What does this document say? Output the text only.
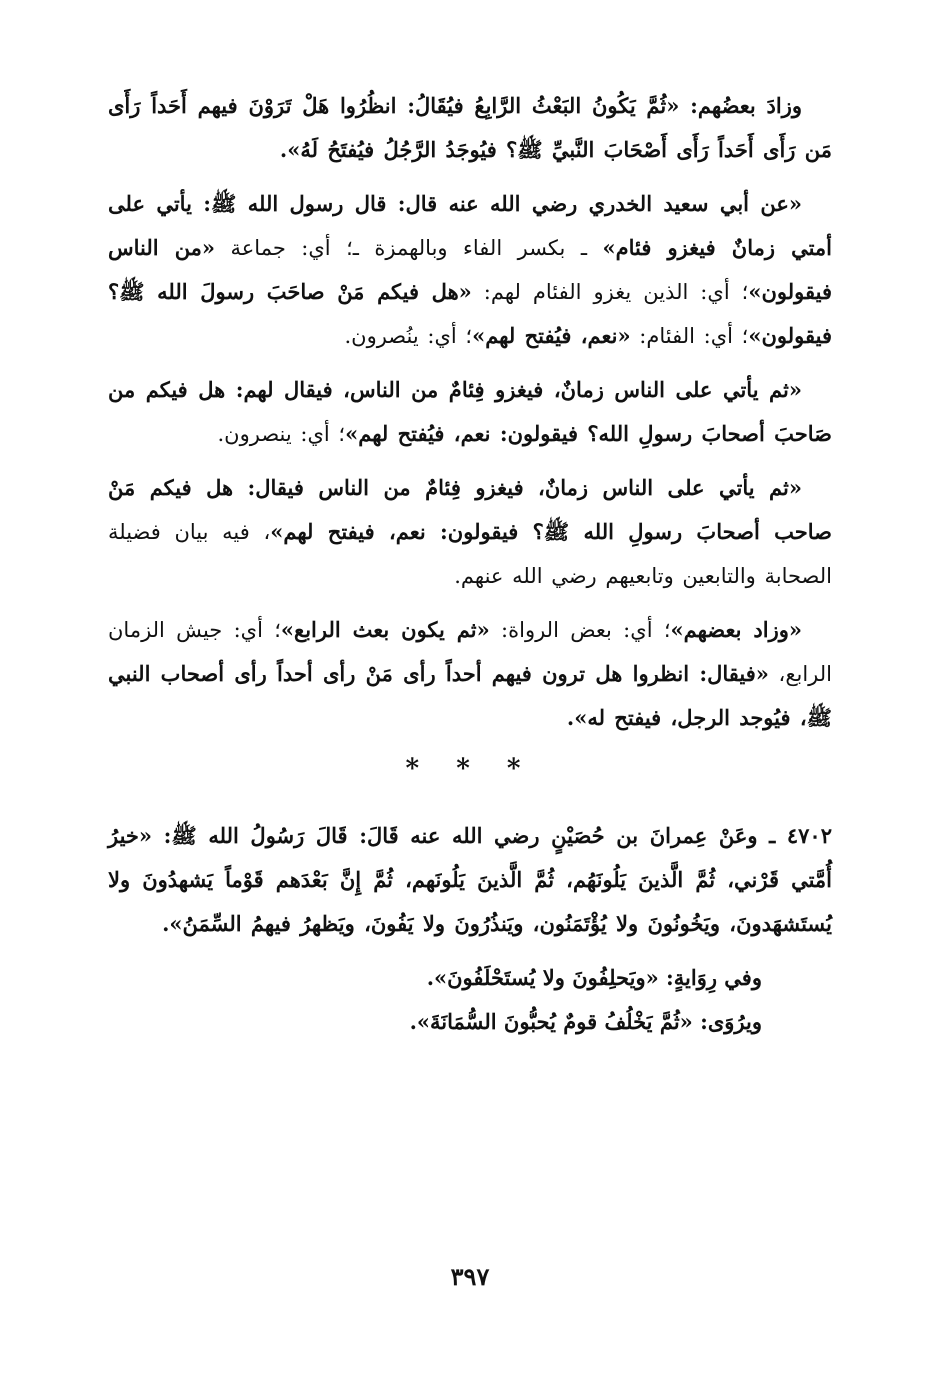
وزادَ بعضُهم: «ثُمَّ يَكُونُ البَعْثُ الرَّابِعُ فيُقَالُ: انظُرُوا هَلْ تَرَوْنَ فيهم أَحَداً رَأَى مَن رَأَى أَحَداً رَأَى أَصْحَابَ النَّبيِّ ﷺ؟ فيُوجَدُ الرَّجُلُ فيُفتَحُ لَهُ».

«عن أبي سعيد الخدري رضي الله عنه قال: قال رسول الله ﷺ: يأتي على أمتي زمانٌ فيغزو فئام» ـ بكسر الفاء وبالهمزة ـ؛ أي: جماعة «من الناس فيقولون»؛ أي: الذين يغزو الفئام لهم: «هل فيكم مَنْ صاحَبَ رسولَ الله ﷺ؟ فيقولون»؛ أي: الفئام: «نعم، فيُفتح لهم»؛ أي: ينُصرون.

«ثم يأتي على الناس زمانٌ، فيغزو فِئامٌ من الناس، فيقال لهم: هل فيكم من صَاحبَ أصحابَ رسولِ الله؟ فيقولون: نعم، فيُفتح لهم»؛ أي: ينصرون.

«ثم يأتي على الناس زمانٌ، فيغزو فِئامٌ من الناس فيقال: هل فيكم مَنْ صاحب أصحابَ رسولِ الله ﷺ؟ فيقولون: نعم، فيفتح لهم»، فيه بيان فضيلة الصحابة والتابعين وتابعيهم رضي الله عنهم.

«وزاد بعضهم»؛ أي: بعض الرواة: «ثم يكون بعث الرابع»؛ أي: جيش الزمان الرابع، «فيقال: انظروا هل ترون فيهم أحداً رأى مَنْ رأى أحداً رأى أصحاب النبي ﷺ، فيُوجد الرجل، فيفتح له».

* * *

٤٧٠٢ ـ وعَنْ عِمرانَ بن حُصَيْنٍ رضي الله عنه قَالَ: قَالَ رَسُولُ الله ﷺ: «خيرُ أُمَّتي قَرْني، ثُمَّ الَّذينَ يَلُونَهُم، ثُمَّ الَّذينَ يَلُونَهم، ثُمَّ إِنَّ بَعْدَهم قَوْماً يَشهدُونَ ولا يُستَشهَدونَ، ويَخُونُونَ ولا يُؤْتَمَنُون، ويَنذُرُونَ ولا يَفُونَ، ويَظهرُ فيهمُ السِّمَنُ».

وفي رِوَايةٍ: «ويَحلِفُونَ ولا يُستَحْلَفُونَ».

ويرُوَى: «ثُمَّ يَخْلُفُ قومٌ يُحبُّونَ السُّمَانَةَ».

٣٩٧
